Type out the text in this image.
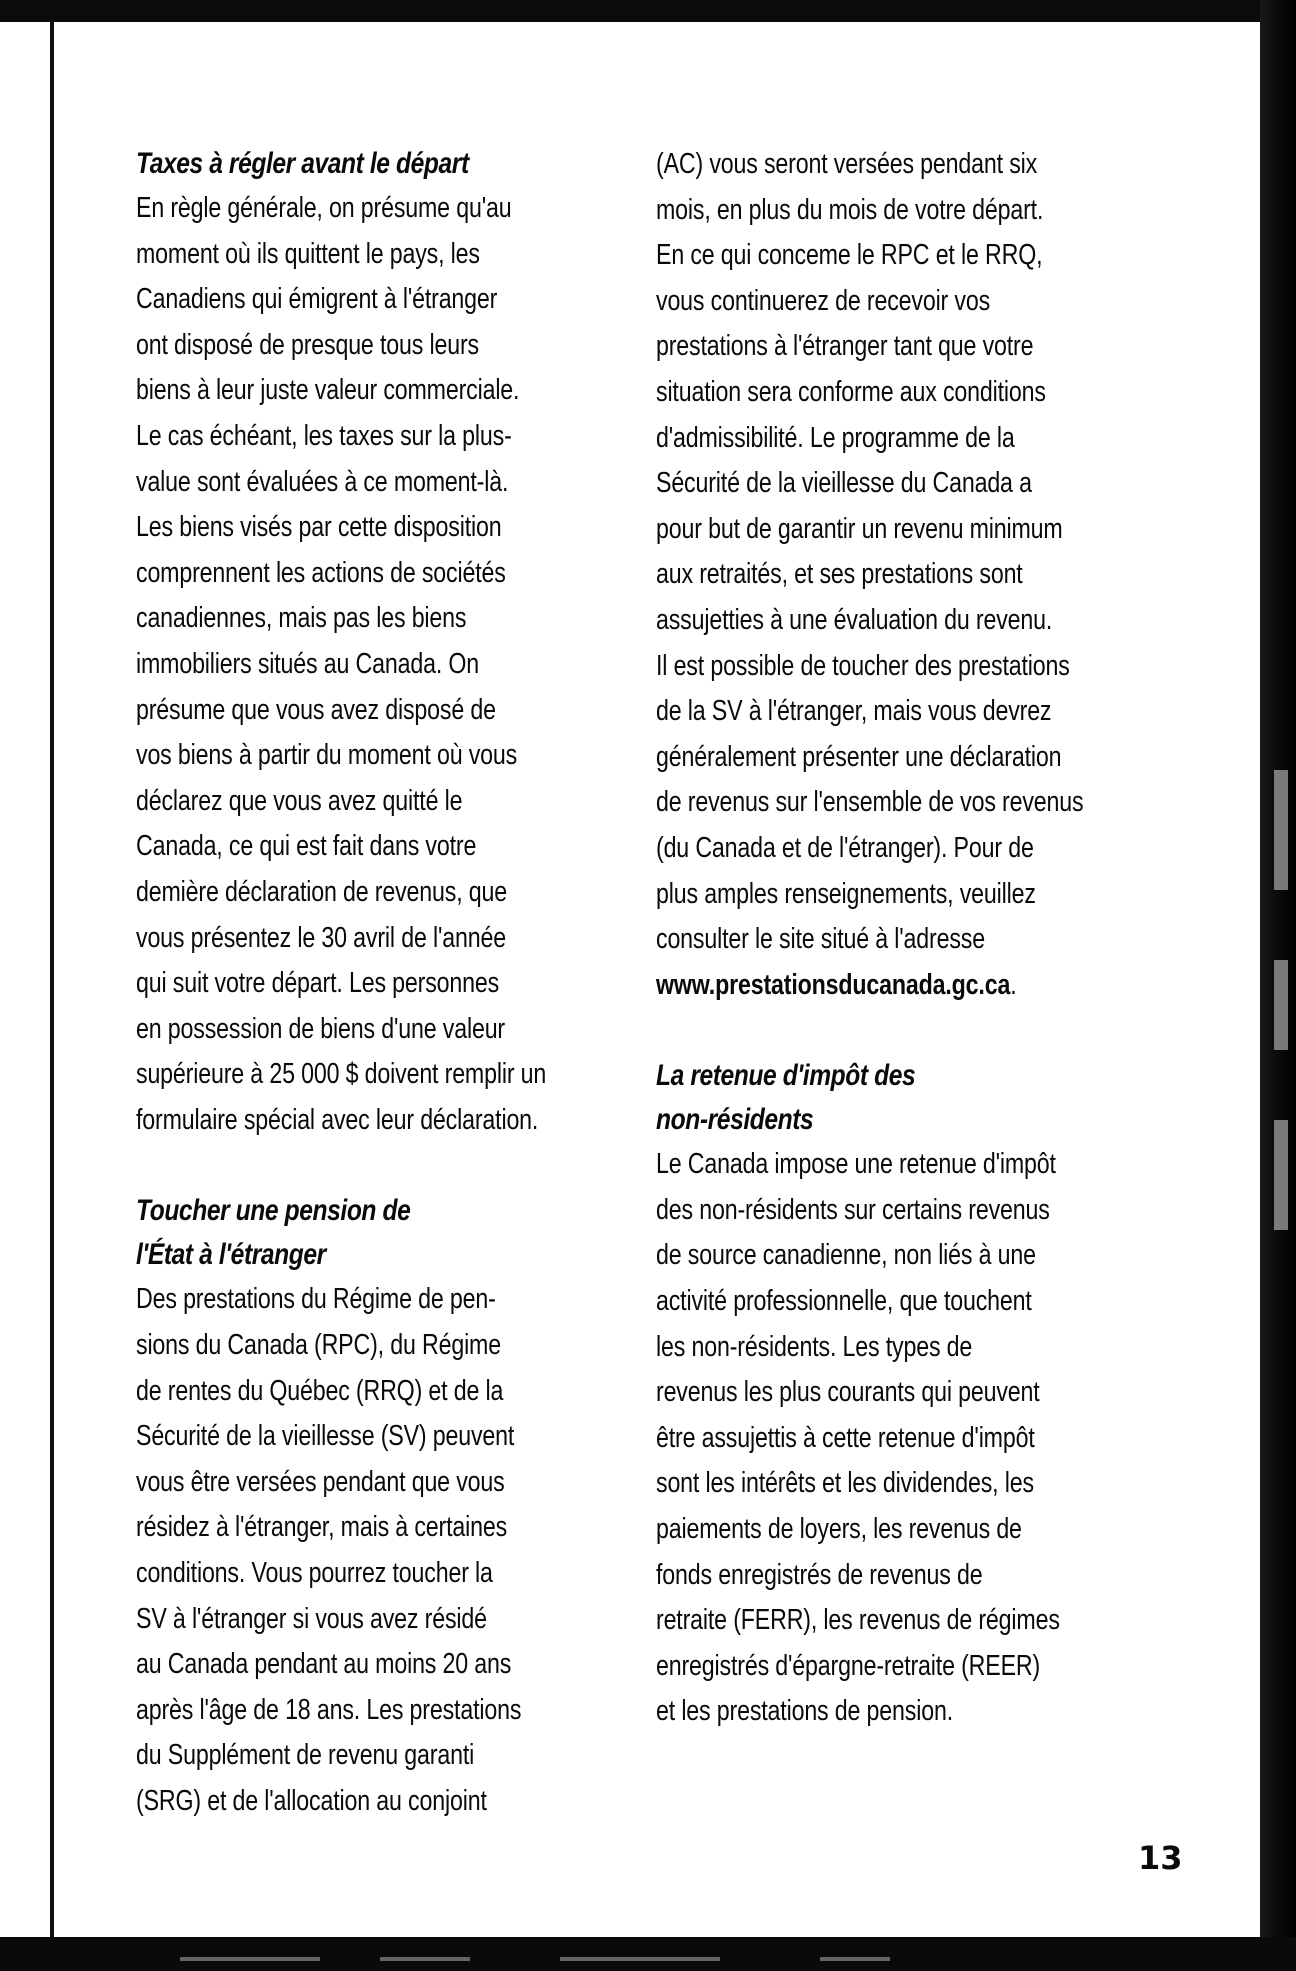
Taxes à régler avant le départ
En règle générale, on présume qu'au
moment où ils quittent le pays, les
Canadiens qui émigrent à l'étranger
ont disposé de presque tous leurs
biens à leur juste valeur commerciale.
Le cas échéant, les taxes sur la plus-
value sont évaluées à ce moment-là.
Les biens visés par cette disposition
comprennent les actions de sociétés
canadiennes, mais pas les biens
immobiliers situés au Canada. On
présume que vous avez disposé de
vos biens à partir du moment où vous
déclarez que vous avez quitté le
Canada, ce qui est fait dans votre
demière déclaration de revenus, que
vous présentez le 30 avril de l'année
qui suit votre départ. Les personnes
en possession de biens d'une valeur
supérieure à 25 000 $ doivent remplir un
formulaire spécial avec leur déclaration.
Toucher une pension de
l'État à l'étranger
Des prestations du Régime de pen-
sions du Canada (RPC), du Régime
de rentes du Québec (RRQ) et de la
Sécurité de la vieillesse (SV) peuvent
vous être versées pendant que vous
résidez à l'étranger, mais à certaines
conditions. Vous pourrez toucher la
SV à l'étranger si vous avez résidé
au Canada pendant au moins 20 ans
après l'âge de 18 ans. Les prestations
du Supplément de revenu garanti
(SRG) et de l'allocation au conjoint
(AC) vous seront versées pendant six
mois, en plus du mois de votre départ.
En ce qui conceme le RPC et le RRQ,
vous continuerez de recevoir vos
prestations à l'étranger tant que votre
situation sera conforme aux conditions
d'admissibilité. Le programme de la
Sécurité de la vieillesse du Canada a
pour but de garantir un revenu minimum
aux retraités, et ses prestations sont
assujetties à une évaluation du revenu.
Il est possible de toucher des prestations
de la SV à l'étranger, mais vous devrez
généralement présenter une déclaration
de revenus sur l'ensemble de vos revenus
(du Canada et de l'étranger). Pour de
plus amples renseignements, veuillez
consulter le site situé à l'adresse
www.prestationsducanada.gc.ca.
La retenue d'impôt des
non-résidents
Le Canada impose une retenue d'impôt
des non-résidents sur certains revenus
de source canadienne, non liés à une
activité professionnelle, que touchent
les non-résidents. Les types de
revenus les plus courants qui peuvent
être assujettis à cette retenue d'impôt
sont les intérêts et les dividendes, les
paiements de loyers, les revenus de
fonds enregistrés de revenus de
retraite (FERR), les revenus de régimes
enregistrés d'épargne-retraite (REER)
et les prestations de pension.
13
